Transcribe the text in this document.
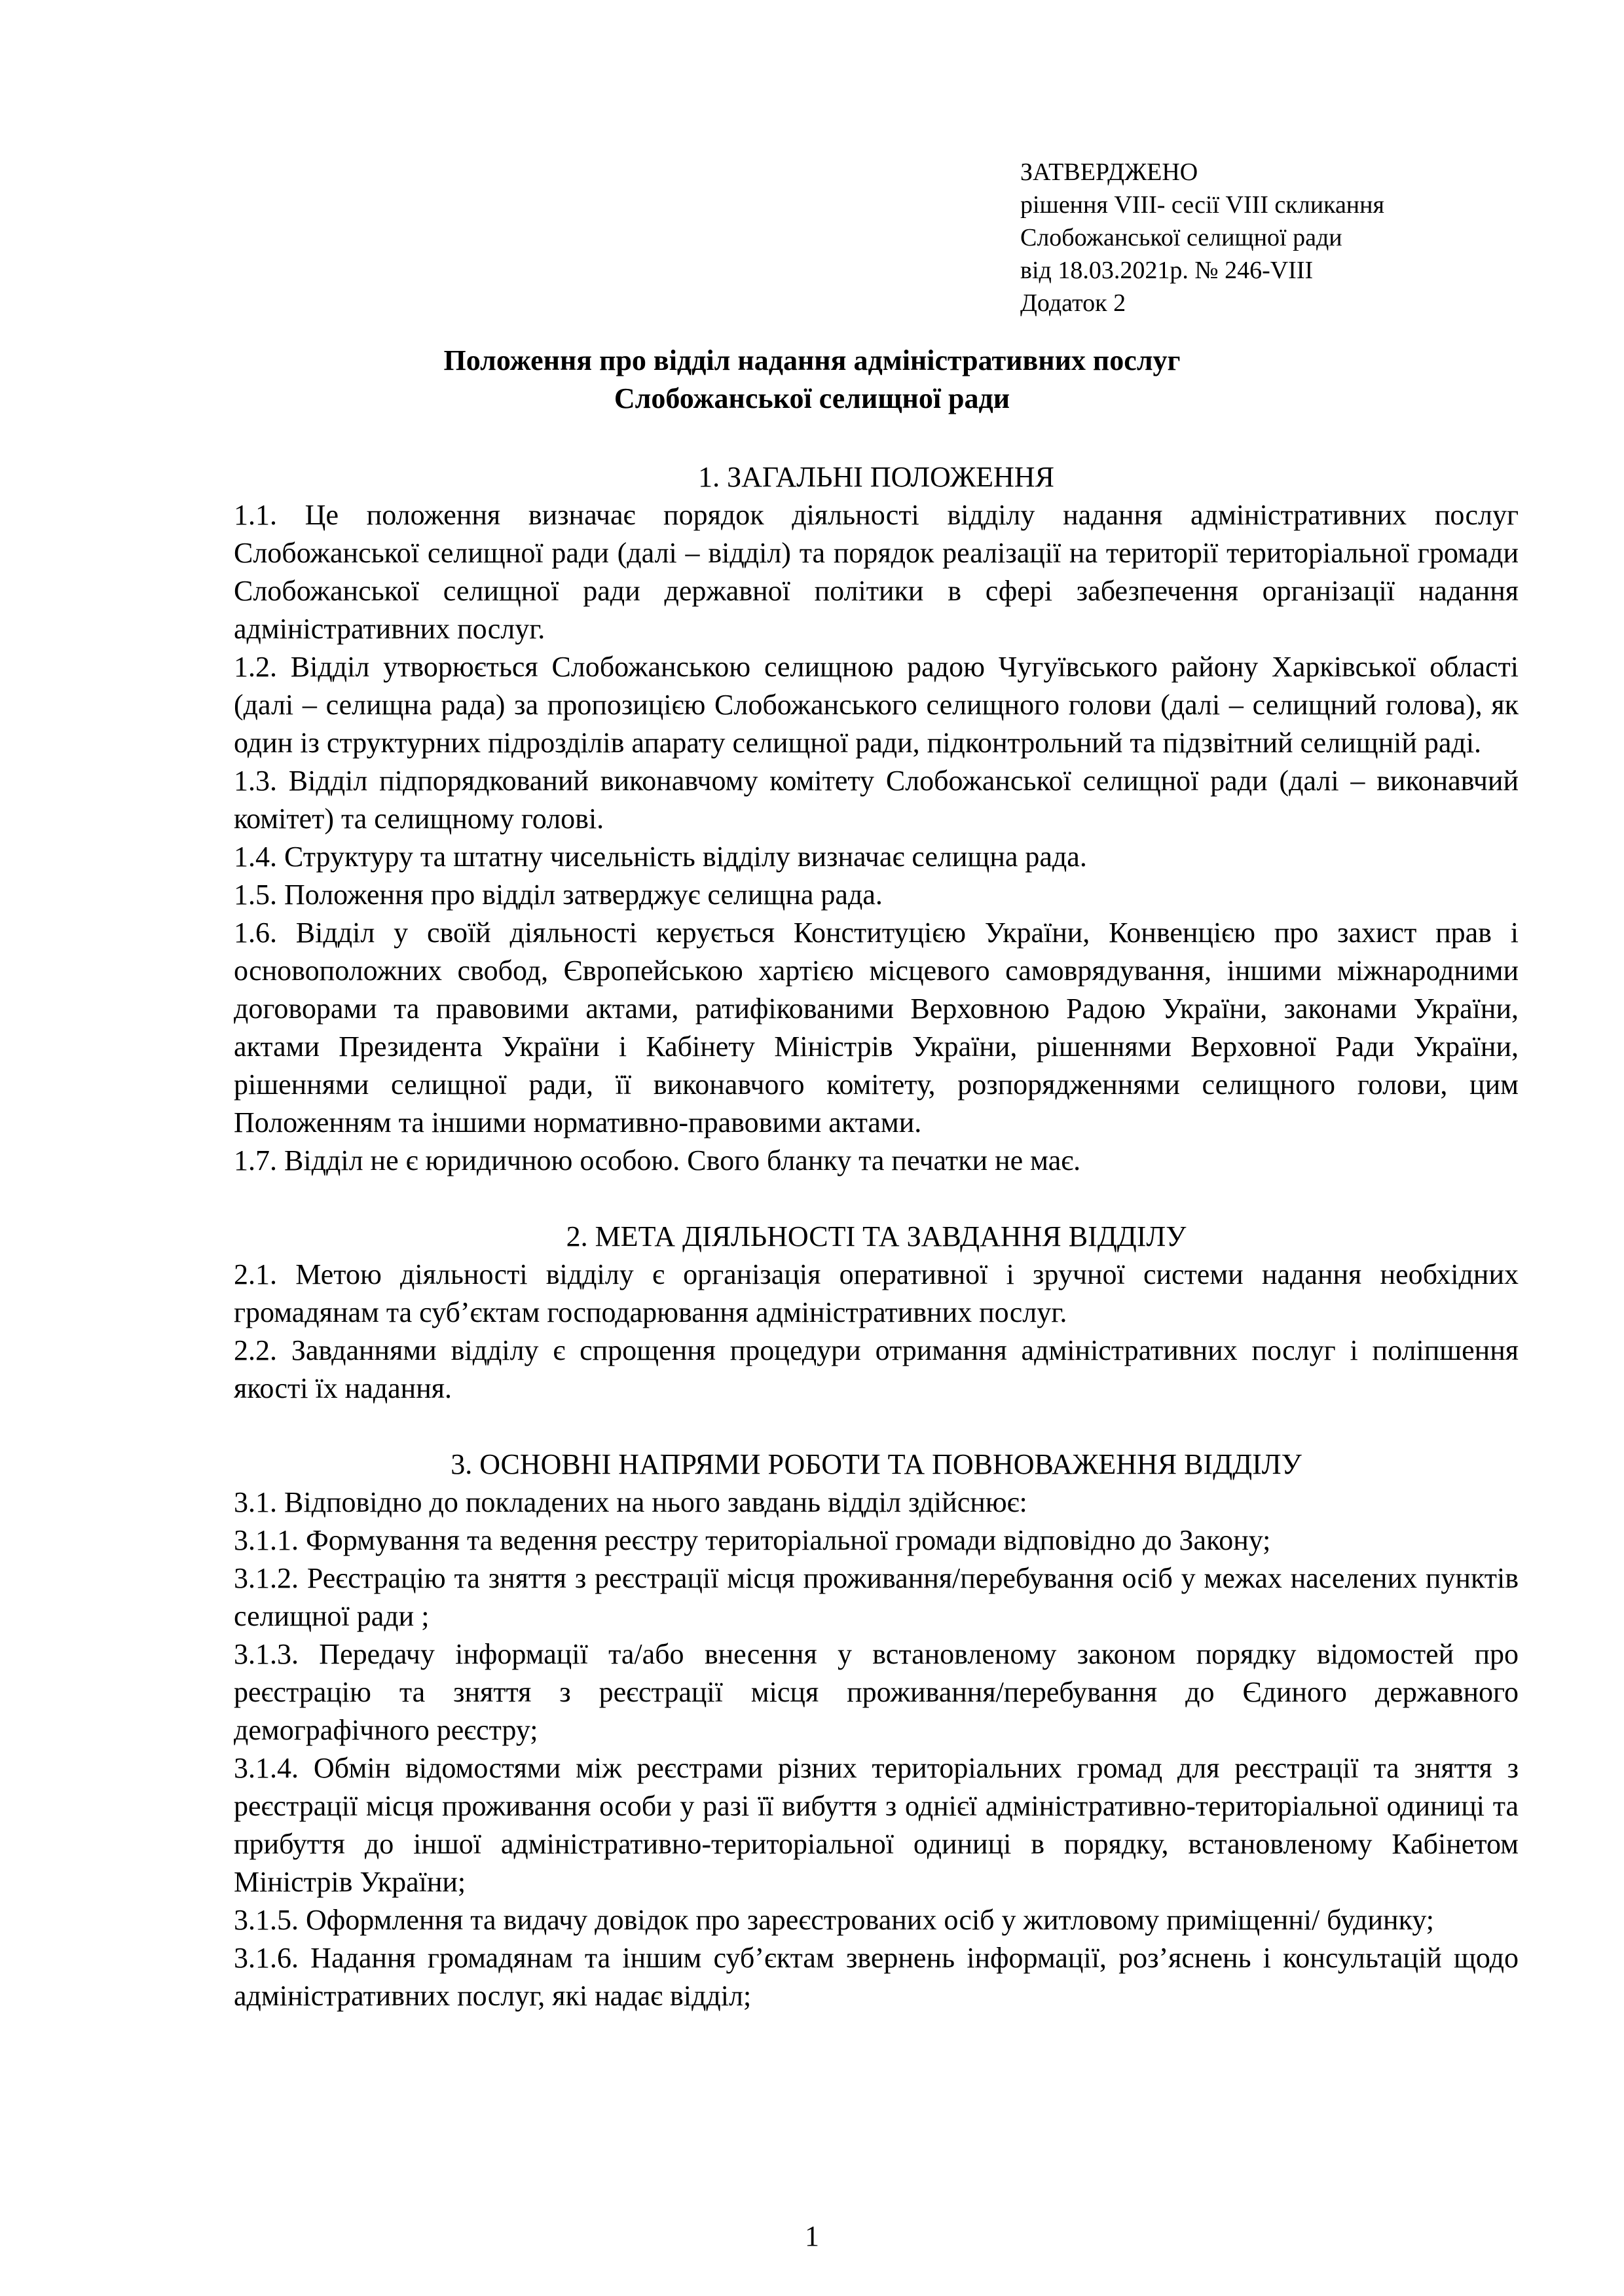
ЗАТВЕРДЖЕНО
рішення VIII- сесії VIII скликання
Слобожанської селищної ради
від 18.03.2021р. № 246-VIII
Додаток 2
Положення про відділ надання адміністративних послуг
Слобожанської селищної ради

1. ЗАГАЛЬНІ ПОЛОЖЕННЯ

1.1. Це положення визначає порядок діяльності відділу надання адміністративних послуг Слобожанської селищної ради (далі – відділ) та порядок реалізації на території територіальної громади Слобожанської селищної ради державної політики в сфері забезпечення організації надання адміністративних послуг.

1.2. Відділ утворюється Слобожанською селищною радою Чугуївського району Харківської області (далі – селищна рада) за пропозицією Слобожанського селищного голови (далі – селищний голова), як один із структурних підрозділів апарату селищної ради, підконтрольний та підзвітний селищній раді.

1.3. Відділ підпорядкований виконавчому комітету Слобожанської селищної ради (далі – виконавчий комітет) та селищному голові.

1.4. Структуру та штатну чисельність відділу визначає селищна рада.

1.5. Положення про відділ затверджує селищна рада.

1.6. Відділ у своїй діяльності керується Конституцією України, Конвенцією про захист прав і основоположних свобод, Європейською хартією місцевого самоврядування, іншими міжнародними договорами та правовими актами, ратифікованими Верховною Радою України, законами України, актами Президента України і Кабінету Міністрів України, рішеннями Верховної Ради України, рішеннями селищної ради, її виконавчого комітету, розпорядженнями селищного голови, цим Положенням та іншими нормативно-правовими актами.

1.7. Відділ не є юридичною особою. Свого бланку та печатки не має.

2. МЕТА ДІЯЛЬНОСТІ ТА ЗАВДАННЯ ВІДДІЛУ

2.1. Метою діяльності відділу є організація оперативної і зручної системи надання необхідних громадянам та суб’єктам господарювання адміністративних послуг.

2.2. Завданнями відділу є спрощення процедури отримання адміністративних послуг і поліпшення якості їх надання.

3. ОСНОВНІ НАПРЯМИ РОБОТИ ТА ПОВНОВАЖЕННЯ ВІДДІЛУ

3.1. Відповідно до покладених на нього завдань відділ здійснює:

3.1.1. Формування та ведення реєстру територіальної громади відповідно до Закону;

3.1.2. Реєстрацію та зняття з реєстрації місця проживання/перебування осіб у межах населених пунктів селищної ради ;

3.1.3. Передачу інформації та/або внесення у встановленому законом порядку відомостей про реєстрацію та зняття з реєстрації місця проживання/перебування до Єдиного державного демографічного реєстру;

3.1.4. Обмін відомостями між реєстрами різних територіальних громад для реєстрації та зняття з реєстрації місця проживання особи у разі її вибуття з однієї адміністративно-територіальної одиниці та прибуття до іншої адміністративно-територіальної одиниці в порядку, встановленому Кабінетом Міністрів України;

3.1.5. Оформлення та видачу довідок про зареєстрованих осіб у житловому приміщенні/ будинку;

3.1.6. Надання громадянам та іншим суб’єктам звернень інформації, роз’яснень і консультацій щодо адміністративних послуг, які надає відділ;

1
